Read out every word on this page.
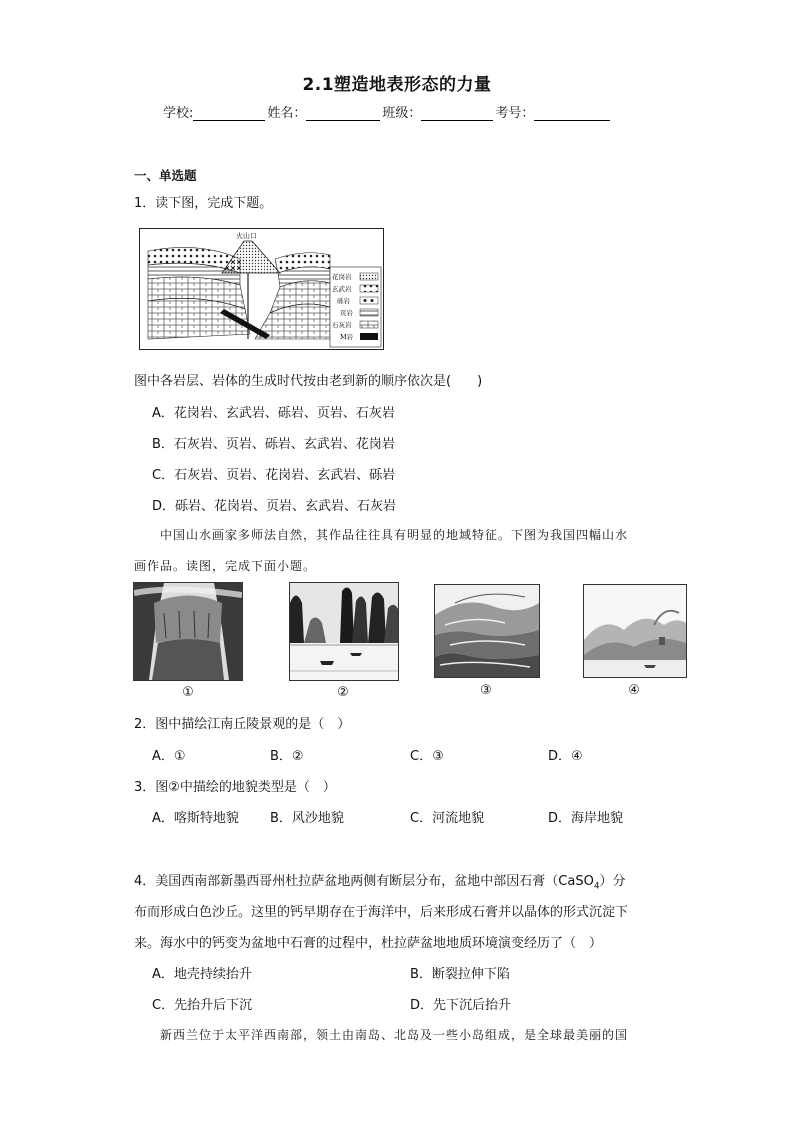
2.1塑造地表形态的力量
学校:	姓名：	班级：	考号：
一、单选题
1．读下图，完成下题。
火山口
花岗岩
玄武岩
砾岩
页岩
石灰岩
M岩
图中各岩层、岩体的生成时代按由老到新的顺序依次是(　　)
A．花岗岩、玄武岩、砾岩、页岩、石灰岩
B．石灰岩、页岩、砾岩、玄武岩、花岗岩
C．石灰岩、页岩、花岗岩、玄武岩、砾岩
D．砾岩、花岗岩、页岩、玄武岩、石灰岩
中国山水画家多师法自然，其作品往往具有明显的地域特征。下图为我国四幅山水
画作品。读图，完成下面小题。
①	②	③	④
2．图中描绘江南丘陵景观的是（　）
A．①	B．②	C．③	D．④
3．图②中描绘的地貌类型是（　）
A．喀斯特地貌 B．风沙地貌	C．河流地貌	D．海岸地貌
4．美国西南部新墨西哥州杜拉萨盆地两侧有断层分布，盆地中部因石膏（CaSO$_4$）分
布而形成白色沙丘。这里的钙早期存在于海洋中，后来形成石膏并以晶体的形式沉淀下
来。海水中的钙变为盆地中石膏的过程中，杜拉萨盆地地质环境演变经历了（　）
A．地壳持续抬升	B．断裂拉伸下陷
C．先抬升后下沉	D．先下沉后抬升
新西兰位于太平洋西南部，领土由南岛、北岛及一些小岛组成，是全球最美丽的国
